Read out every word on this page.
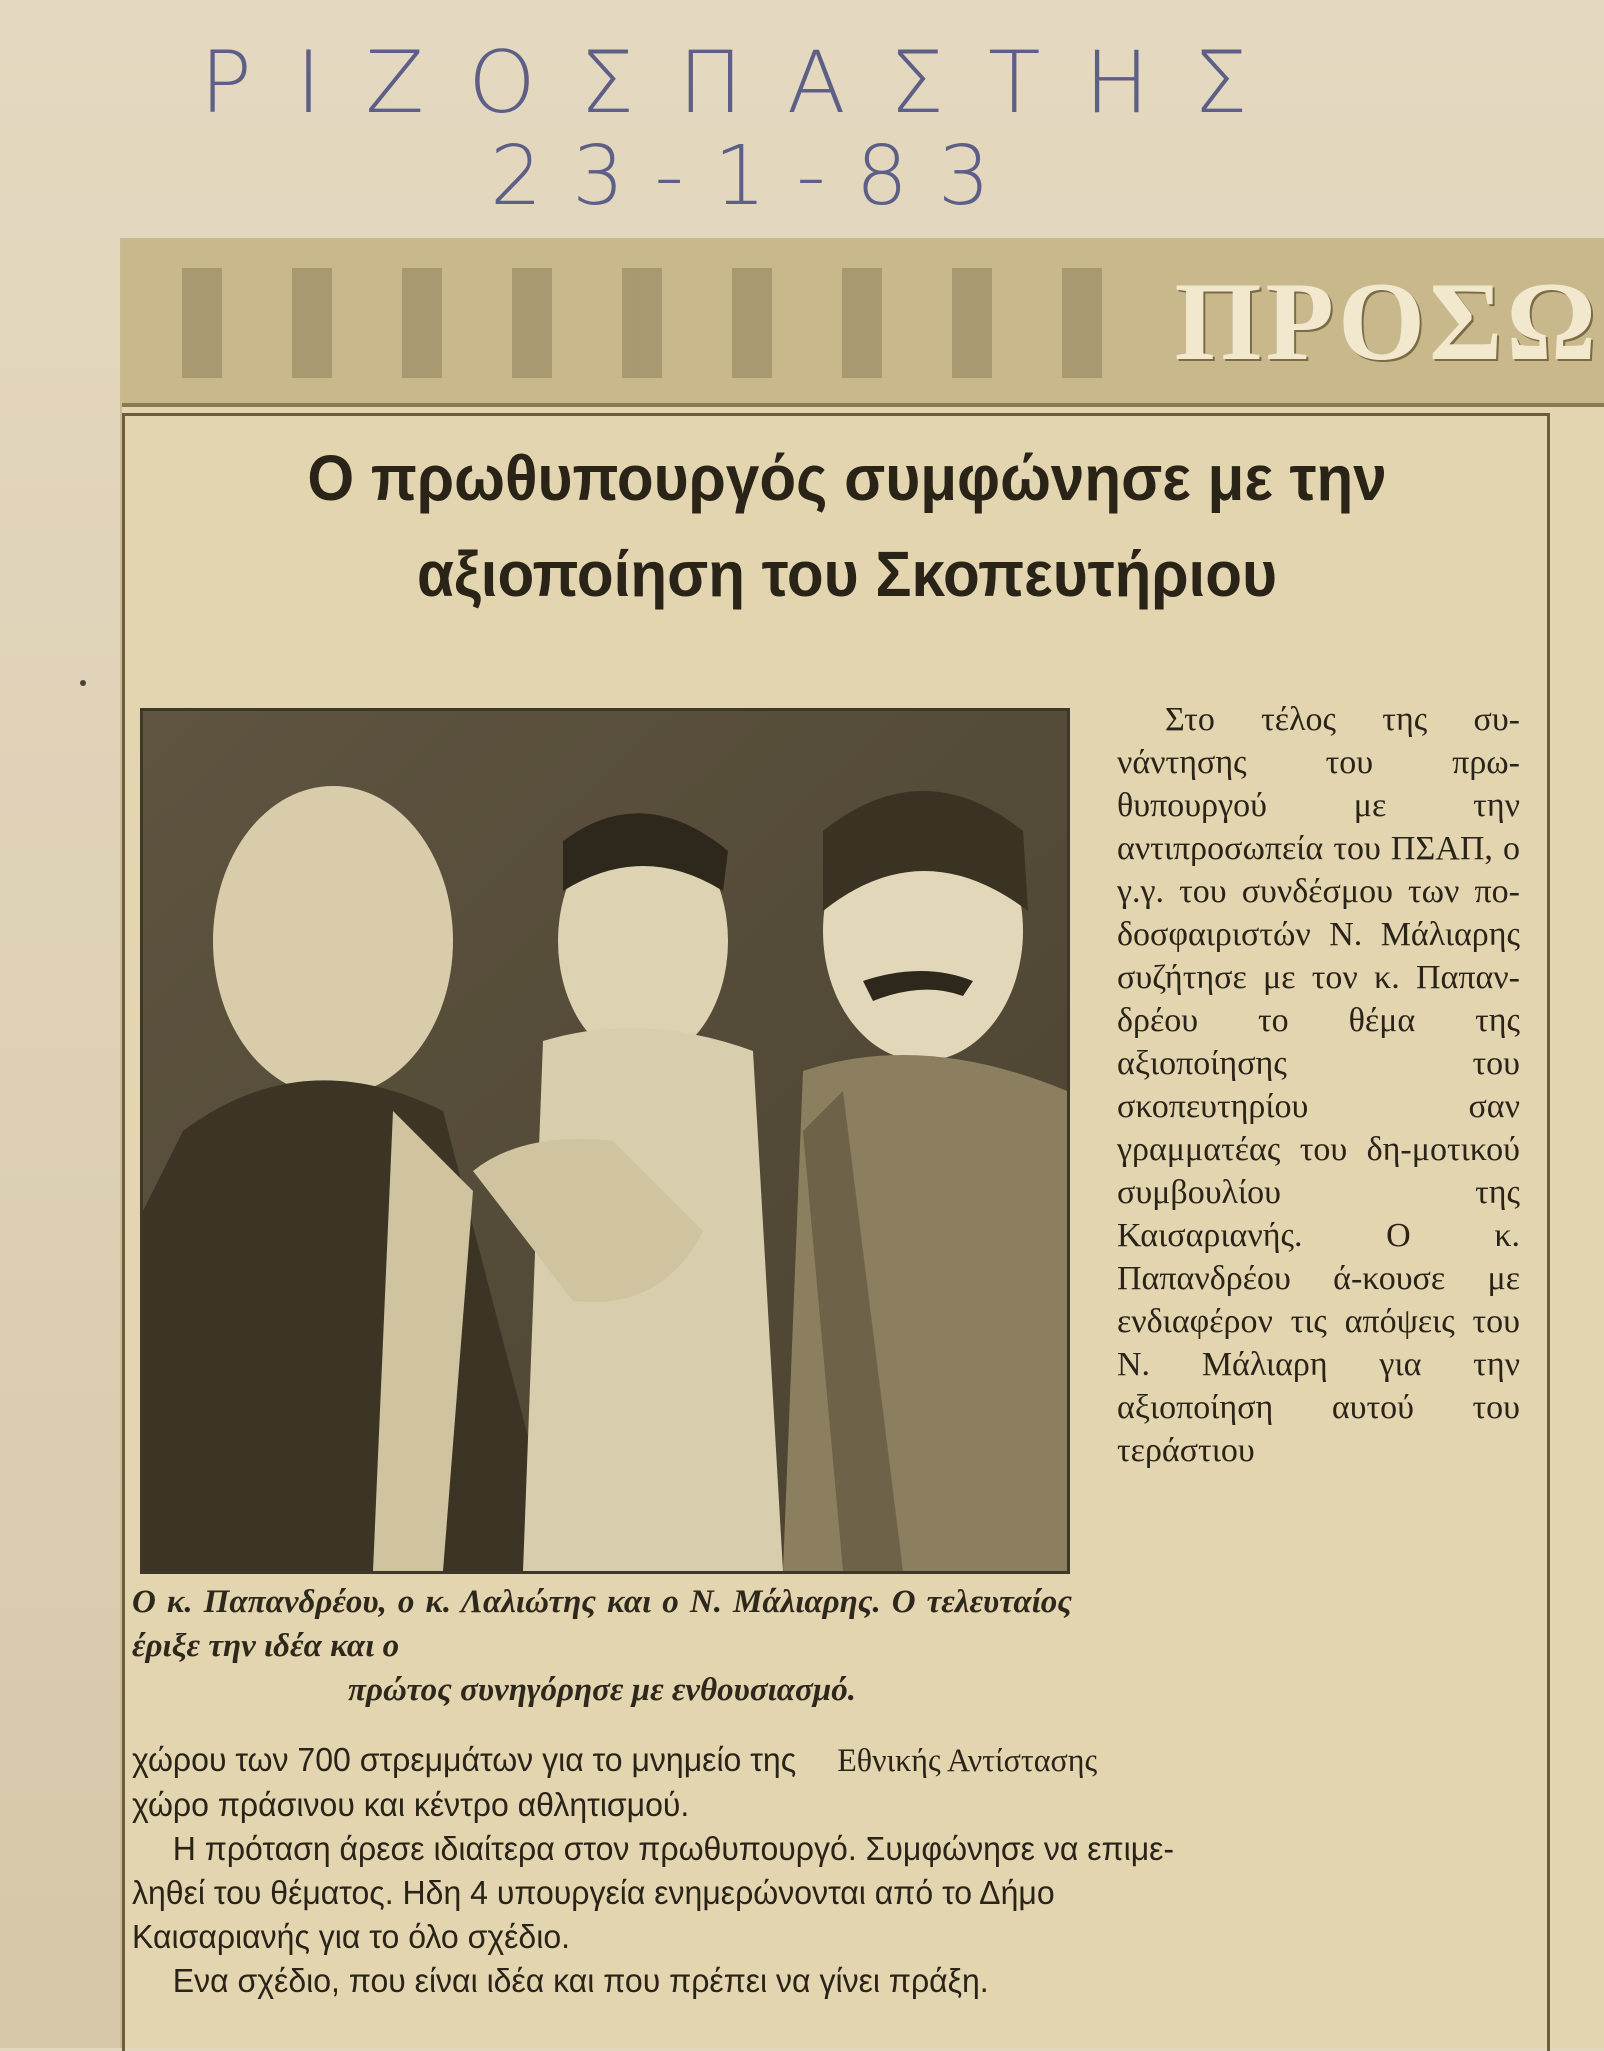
ΡΙΖΟΣΠΑΣΤΗΣ
23-1-83
ΠΡΟΣΩ
Ο πρωθυπουργός συμφώνησε με την
αξιοποίηση του Σκοπευτήριου
Ο κ. Παπανδρέου, ο κ. Λαλιώτης και ο Ν. Μάλιαρης. Ο τελευταίος έριξε την ιδέα και ο
πρώτος συνηγόρησε με ενθουσιασμό.

Στο τέλος της συ-νάντησης του πρω-θυπουργού με την αντιπροσωπεία του ΠΣΑΠ, ο γ.γ. του συνδέσμου των πο-δοσφαιριστών Ν. Μάλιαρης συζήτησε με τον κ. Παπαν-δρέου το θέμα της αξιοποίησης του σκοπευτηρίου σαν γραμματέας του δη-μοτικού συμβουλίου της Καισαριανής. Ο κ. Παπανδρέου ά-κουσε με ενδιαφέρον τις απόψεις του Ν. Μάλιαρη για την αξιοποίηση αυτού του τεράστιου

χώρου των 700 στρεμμάτων για το μνημείο της Εθνικής Αντίστασης
χώρο πράσινου και κέντρο αθλητισμού.
Η πρόταση άρεσε ιδιαίτερα στον πρωθυπουργό. Συμφώνησε να επιμε-
ληθεί του θέματος. Ηδη 4 υπουργεία ενημερώνονται από το Δήμο
Καισαριανής για το όλο σχέδιο.
Ενα σχέδιο, που είναι ιδέα και που πρέπει να γίνει πράξη.
